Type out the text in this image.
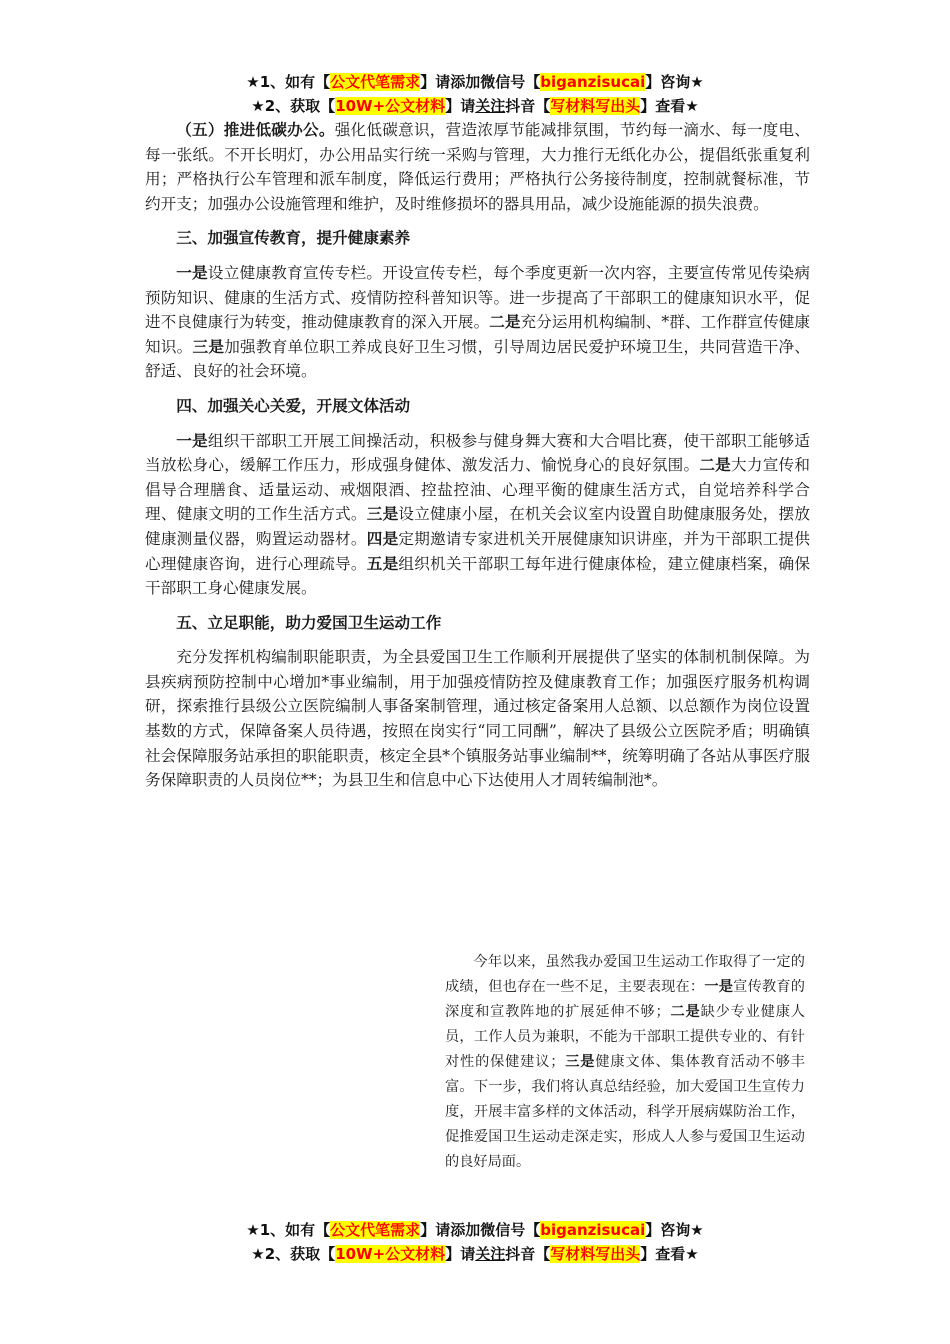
★1、如有【公文代笔需求】请添加微信号【biganzisucai】咨询★
★2、获取【10W+公文材料】请关注抖音【写材料写出头】查看★

（五）推进低碳办公。强化低碳意识，营造浓厚节能减排氛围，节约每一滴水、每一度电、每一张纸。不开长明灯，办公用品实行统一采购与管理，大力推行无纸化办公，提倡纸张重复利用；严格执行公车管理和派车制度，降低运行费用；严格执行公务接待制度，控制就餐标准，节约开支；加强办公设施管理和维护，及时维修损坏的器具用品，减少设施能源的损失浪费。

三、加强宣传教育，提升健康素养

一是设立健康教育宣传专栏。开设宣传专栏，每个季度更新一次内容，主要宣传常见传染病预防知识、健康的生活方式、疫情防控科普知识等。进一步提高了干部职工的健康知识水平，促进不良健康行为转变，推动健康教育的深入开展。二是充分运用机构编制、*群、工作群宣传健康知识。三是加强教育单位职工养成良好卫生习惯，引导周边居民爱护环境卫生，共同营造干净、舒适、良好的社会环境。

四、加强关心关爱，开展文体活动

一是组织干部职工开展工间操活动，积极参与健身舞大赛和大合唱比赛，使干部职工能够适当放松身心，缓解工作压力，形成强身健体、激发活力、愉悦身心的良好氛围。二是大力宣传和倡导合理膳食、适量运动、戒烟限酒、控盐控油、心理平衡的健康生活方式，自觉培养科学合理、健康文明的工作生活方式。三是设立健康小屋，在机关会议室内设置自助健康服务处，摆放健康测量仪器，购置运动器材。四是定期邀请专家进机关开展健康知识讲座，并为干部职工提供心理健康咨询，进行心理疏导。五是组织机关干部职工每年进行健康体检，建立健康档案，确保干部职工身心健康发展。

五、立足职能，助力爱国卫生运动工作

充分发挥机构编制职能职责，为全县爱国卫生工作顺利开展提供了坚实的体制机制保障。为县疾病预防控制中心增加*事业编制，用于加强疫情防控及健康教育工作；加强医疗服务机构调研，探索推行县级公立医院编制人事备案制管理，通过核定备案用人总额、以总额作为岗位设置基数的方式，保障备案人员待遇，按照在岗实行“同工同酬”，解决了县级公立医院矛盾；明确镇社会保障服务站承担的职能职责，核定全县*个镇服务站事业编制**，统筹明确了各站从事医疗服务保障职责的人员岗位**；为县卫生和信息中心下达使用人才周转编制池*。

今年以来，虽然我办爱国卫生运动工作取得了一定的成绩，但也存在一些不足，主要表现在：一是宣传教育的深度和宣教阵地的扩展延伸不够；二是缺少专业健康人员，工作人员为兼职，不能为干部职工提供专业的、有针对性的保健建议；三是健康文体、集体教育活动不够丰富。下一步，我们将认真总结经验，加大爱国卫生宣传力度，开展丰富多样的文体活动，科学开展病媒防治工作，促推爱国卫生运动走深走实，形成人人参与爱国卫生运动的良好局面。

★1、如有【公文代笔需求】请添加微信号【biganzisucai】咨询★
★2、获取【10W+公文材料】请关注抖音【写材料写出头】查看★
